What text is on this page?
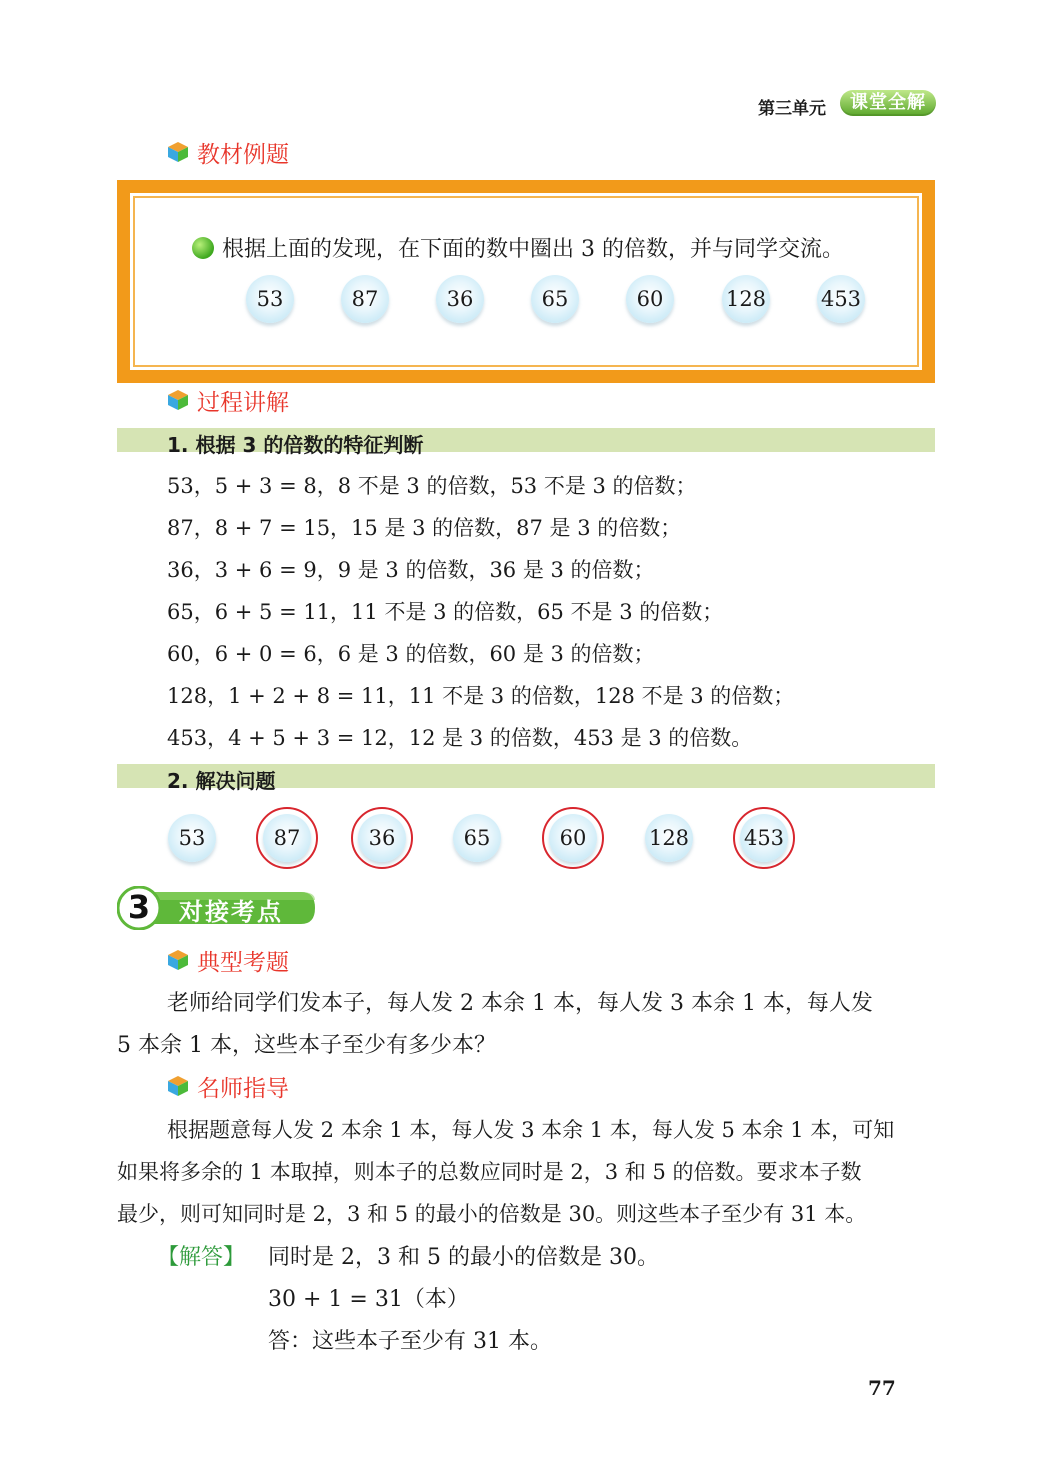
第三单元	课堂全解
教材例题
根据上面的发现，在下面的数中圈出 3 的倍数，并与同学交流。
53	87	36	65	60	128	453
过程讲解
1. 根据 3 的倍数的特征判断
53，5 + 3 = 8，8 不是 3 的倍数，53 不是 3 的倍数；
87，8 + 7 = 15，15 是 3 的倍数，87 是 3 的倍数；
36，3 + 6 = 9，9 是 3 的倍数，36 是 3 的倍数；
65，6 + 5 = 11，11 不是 3 的倍数，65 不是 3 的倍数；
60，6 + 0 = 6，6 是 3 的倍数，60 是 3 的倍数；
128，1 + 2 + 8 = 11，11 不是 3 的倍数，128 不是 3 的倍数；
453，4 + 5 + 3 = 12，12 是 3 的倍数，453 是 3 的倍数。
2. 解决问题
53	87	36	65	60	128	453
3 对接考点
典型考题
老师给同学们发本子，每人发 2 本余 1 本，每人发 3 本余 1 本，每人发
5 本余 1 本，这些本子至少有多少本？
名师指导
根据题意每人发 2 本余 1 本，每人发 3 本余 1 本，每人发 5 本余 1 本，可知
如果将多余的 1 本取掉，则本子的总数应同时是 2，3 和 5 的倍数。要求本子数
最少，则可知同时是 2，3 和 5 的最小的倍数是 30。则这些本子至少有 31 本。
【解答】 同时是 2，3 和 5 的最小的倍数是 30。
30 + 1 = 31（本）
答：这些本子至少有 31 本。
77
